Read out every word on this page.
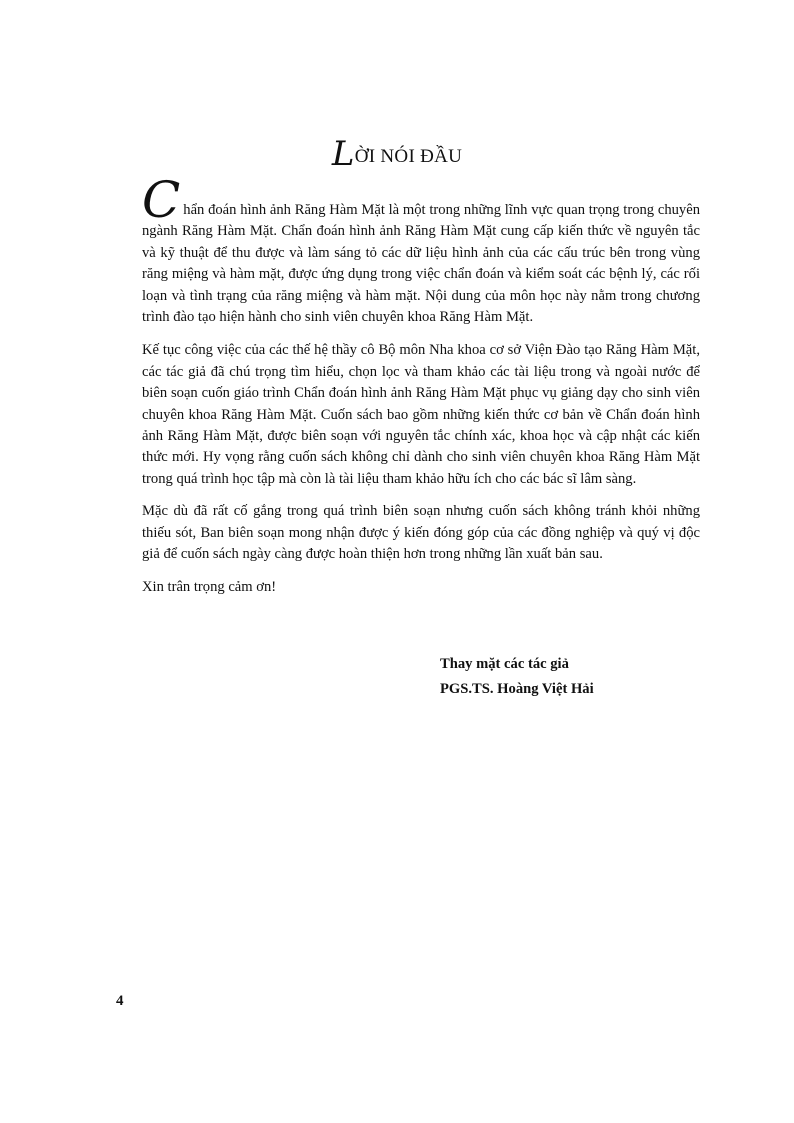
LỜI NÓI ĐẦU

Chẩn đoán hình ảnh Răng Hàm Mặt là một trong những lĩnh vực quan trọng trong chuyên ngành Răng Hàm Mặt. Chẩn đoán hình ảnh Răng Hàm Mặt cung cấp kiến thức về nguyên tắc và kỹ thuật để thu được và làm sáng tỏ các dữ liệu hình ảnh của các cấu trúc bên trong vùng răng miệng và hàm mặt, được ứng dụng trong việc chẩn đoán và kiểm soát các bệnh lý, các rối loạn và tình trạng của răng miệng và hàm mặt. Nội dung của môn học này nằm trong chương trình đào tạo hiện hành cho sinh viên chuyên khoa Răng Hàm Mặt.

Kế tục công việc của các thế hệ thầy cô Bộ môn Nha khoa cơ sở Viện Đào tạo Răng Hàm Mặt, các tác giả đã chú trọng tìm hiểu, chọn lọc và tham khảo các tài liệu trong và ngoài nước để biên soạn cuốn giáo trình Chẩn đoán hình ảnh Răng Hàm Mặt phục vụ giảng dạy cho sinh viên chuyên khoa Răng Hàm Mặt. Cuốn sách bao gồm những kiến thức cơ bản về Chẩn đoán hình ảnh Răng Hàm Mặt, được biên soạn với nguyên tắc chính xác, khoa học và cập nhật các kiến thức mới. Hy vọng rằng cuốn sách không chỉ dành cho sinh viên chuyên khoa Răng Hàm Mặt trong quá trình học tập mà còn là tài liệu tham khảo hữu ích cho các bác sĩ lâm sàng.

Mặc dù đã rất cố gắng trong quá trình biên soạn nhưng cuốn sách không tránh khỏi những thiếu sót, Ban biên soạn mong nhận được ý kiến đóng góp của các đồng nghiệp và quý vị độc giả để cuốn sách ngày càng được hoàn thiện hơn trong những lần xuất bản sau.

Xin trân trọng cảm ơn!

Thay mặt các tác giả
PGS.TS. Hoàng Việt Hải
4
